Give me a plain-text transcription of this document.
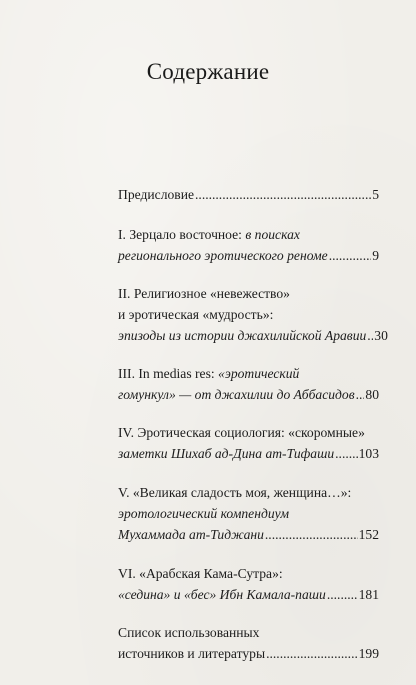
Содержание
Предисловие .....	5
I. Зерцало восточное: в поисках
регионального эротического реноме .....	9
II. Религиозное «невежество»
и эротическая «мудрость»:
эпизоды из истории джахилийской Аравии ..... 30
III. In medias res: «эротический
гомункул» — от джахилии до Аббасидов ..... 80
IV. Эротическая социология: «скоромные»
заметки Шихаб ад-Дина ат-Тифаши ..... 103
V. «Великая сладость моя, женщина…»:
эротологический компендиум
Мухаммада ат-Тиджани .....	152
VI. «Арабская Кама-Сутра»:
«седина» и «бес» Ибн Камала-паши ..... 181
Список использованных
источников и литературы .....	199
